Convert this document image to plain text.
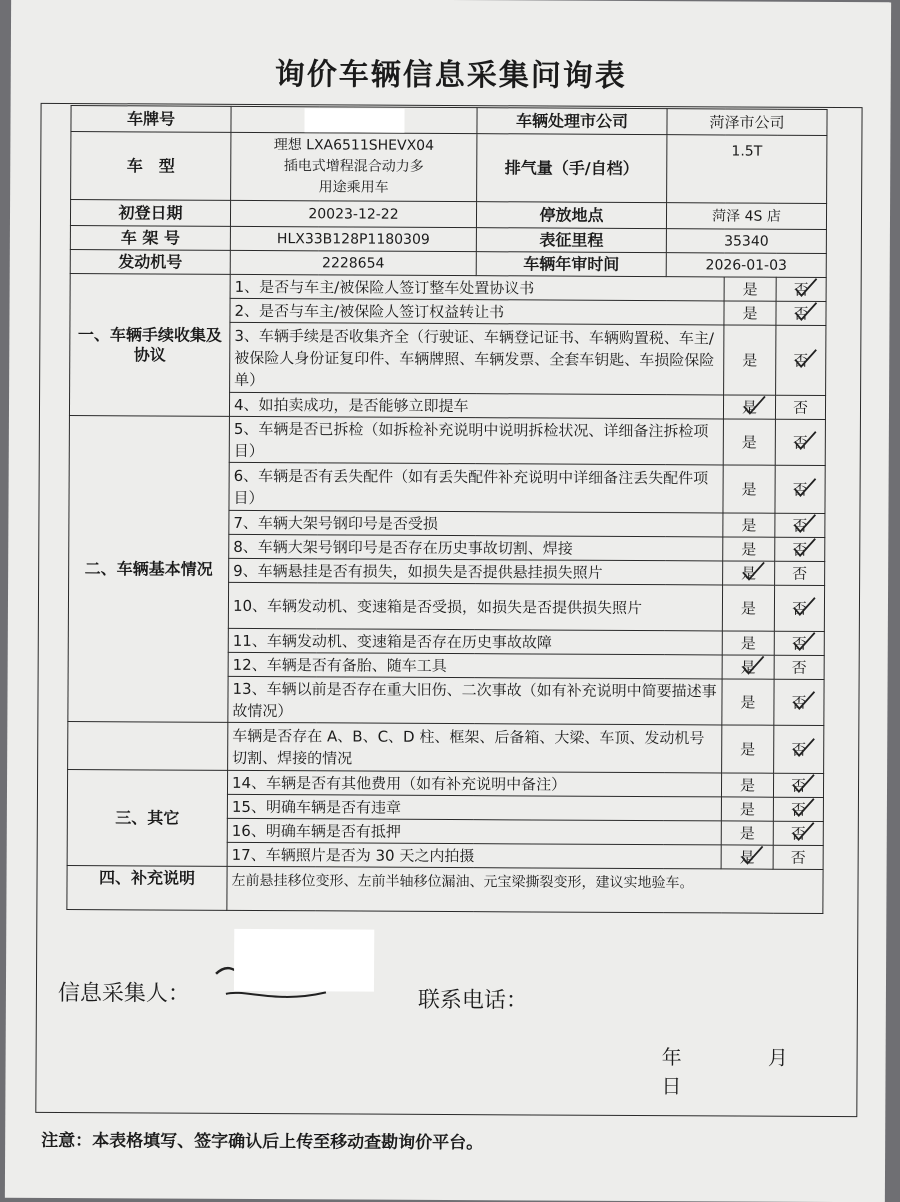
询价车辆信息采集问询表
车牌号		车辆处理市公司	菏泽市公司		
车　型	理想 LXA6511SHEVX04
插电式增程混合动力多
用途乘用车	排气量（手/自档）	1.5T		
初登日期	20023-12-22	停放地点	菏泽 4S 店		
车 架 号	HLX33B128P1180309	表征里程	35340		
发动机号	2228654	车辆年审时间	2026-01-03		
一、车辆手续收集及协议	1、是否与车主/被保险人签订整车处置协议书			是	否

	2、是否与车主/被保险人签订权益转让书			是	否

	3、车辆手续是否收集齐全（行驶证、车辆登记证书、车辆购置税、车主/被保险人身份证复印件、车辆牌照、车辆发票、全套车钥匙、车损险保险单）			是	否

	4、如拍卖成功，是否能够立即提车			是	否
二、车辆基本情况	5、车辆是否已拆检（如拆检补充说明中说明拆检状况、详细备注拆检项目）			是	否

	6、车辆是否有丢失配件（如有丢失配件补充说明中详细备注丢失配件项目）			是	否

	7、车辆大架号钢印号是否受损			是	否

	8、车辆大架号钢印号是否存在历史事故切割、焊接			是	否

	9、车辆悬挂是否有损失，如损失是否提供悬挂损失照片			是	否
	10、车辆发动机、变速箱是否受损，如损失是否提供损失照片			是	否

	11、车辆发动机、变速箱是否存在历史事故故障			是	否

	12、车辆是否有备胎、随车工具			是	否
	13、车辆以前是否存在重大旧伤、二次事故（如有补充说明中简要描述事故情况）			是	否

	车辆是否存在 A、B、C、D 柱、框架、后备箱、大梁、车顶、发动机号切割、焊接的情况			是	否

三、其它	14、车辆是否有其他费用（如有补充说明中备注）			是	否

	15、明确车辆是否有违章			是	否

	16、明确车辆是否有抵押			是	否

	17、车辆照片是否为 30 天之内拍摄			是	否
四、补充说明	左前悬挂移位变形、左前半轴移位漏油、元宝梁撕裂变形，建议实地验车。				
信息采集人：	联系电话：
年	月 日
注意：本表格填写、签字确认后上传至移动查勘询价平台。
